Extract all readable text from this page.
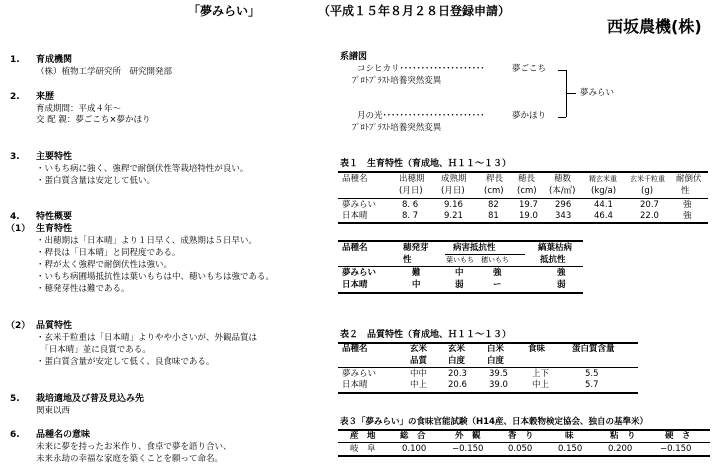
「夢みらい」	（平成１５年８月２８日登録申請）
西坂農機(株)
1. 育成機関
（株）植物工学研究所　研究開発部
2. 来歴
育成期間：平成４年～
交 配 親：夢ごこち×夢かほり
3. 主要特性
・いもち病に強く、強稈で耐倒伏性等栽培特性が良い。
・蛋白質含量は安定して低い。
4. 特性概要
（1） 生育特性
・出穂期は「日本晴」より１日早く、成熟期は５日早い。
・稈長は「日本晴」と同程度である。
・稈が太く強稈で耐倒伏性は強い。
・いもち病圃場抵抗性は葉いもちは中、穂いもちは強である。
・穂発芽性は難である。
（2） 品質特性
・玄米千粒重は「日本晴」よりやや小さいが、外観品質は
　「日本晴」並に良質である。
・蛋白質含量が安定して低く、良食味である。
5. 栽培適地及び普及見込み先
関東以西
6. 品種名の意味
未来に夢を持ったお米作り、食卓で夢を語り合い、
未来永劫の幸福な家庭を築くことを願って命名。
系譜図
コシヒカリ････････････････････	夢ごこち
ﾌﾟﾛﾄﾌﾟﾗｽﾄ培養突然変異
月の光････････････････････････	夢かほり
ﾌﾟﾛﾄﾌﾟﾗｽﾄ培養突然変異
夢みらい
表１　生育特性（育成地、Ｈ１１～１３）
品種名	出穂期 成熟期 稈長 穂長 穂数	精玄米重 玄米千粒重 耐倒伏
(月日) (月日) (cm) (cm) (本/㎡) (kg/a)	(g)	性
夢みらい	8. 6	9.16	82 19.7 296	44.1	20.7	強
日本晴	8. 7	9.21	81 19.0 343	46.4	22.0	強
品種名	穂発芽	病害抵抗性	縞葉枯病
性	葉いもち　穂いもち	抵抗性
夢みらい	難	中	強	強
日本晴	中	弱	ー	弱
表２　品質特性（育成地、Ｈ１１～１３）
品種名	玄米 玄米	白米	食味	蛋白質含量
品質 白度	白度
夢みらい	中中 20.3	39.5	上下	5.5
日本晴	中上 20.6	39.0	中上	5.7
表３「夢みらい」の食味官能試験（H14産、日本穀物検定協会、独自の基準米）
産　地	総　合	外　観	香　り	味	粘　り	硬　さ
岐　阜	0.100	−0.150	0.050	0.150	0.200	−0.150
